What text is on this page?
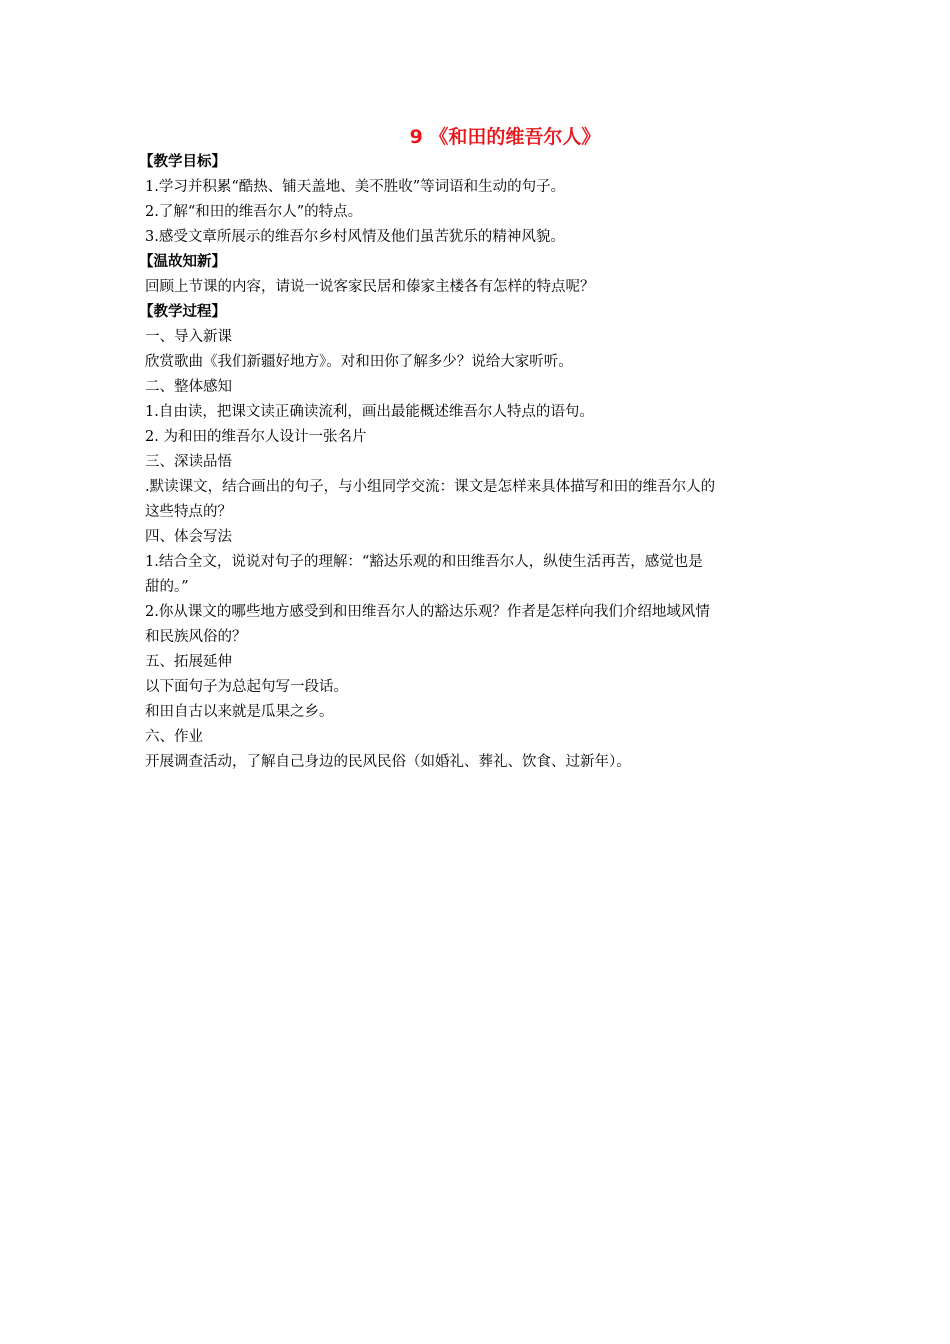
9 《和田的维吾尔人》
【教学目标】
1.学习并积累“酷热、铺天盖地、美不胜收”等词语和生动的句子。
2.了解“和田的维吾尔人”的特点。
3.感受文章所展示的维吾尔乡村风情及他们虽苦犹乐的精神风貌。
【温故知新】
回顾上节课的内容，请说一说客家民居和傣家主楼各有怎样的特点呢？
【教学过程】
一、导入新课
欣赏歌曲《我们新疆好地方》。对和田你了解多少？说给大家听听。
二、整体感知
1.自由读，把课文读正确读流利，画出最能概述维吾尔人特点的语句。
2. 为和田的维吾尔人设计一张名片
三、深读品悟
.默读课文，结合画出的句子，与小组同学交流：课文是怎样来具体描写和田的维吾尔人的
这些特点的？
四、体会写法
1.结合全文，说说对句子的理解：“豁达乐观的和田维吾尔人，纵使生活再苦，感觉也是
甜的。”
2.你从课文的哪些地方感受到和田维吾尔人的豁达乐观？作者是怎样向我们介绍地域风情
和民族风俗的？
五、拓展延伸
以下面句子为总起句写一段话。
和田自古以来就是瓜果之乡。
六、作业
开展调查活动，了解自己身边的民风民俗（如婚礼、葬礼、饮食、过新年）。
